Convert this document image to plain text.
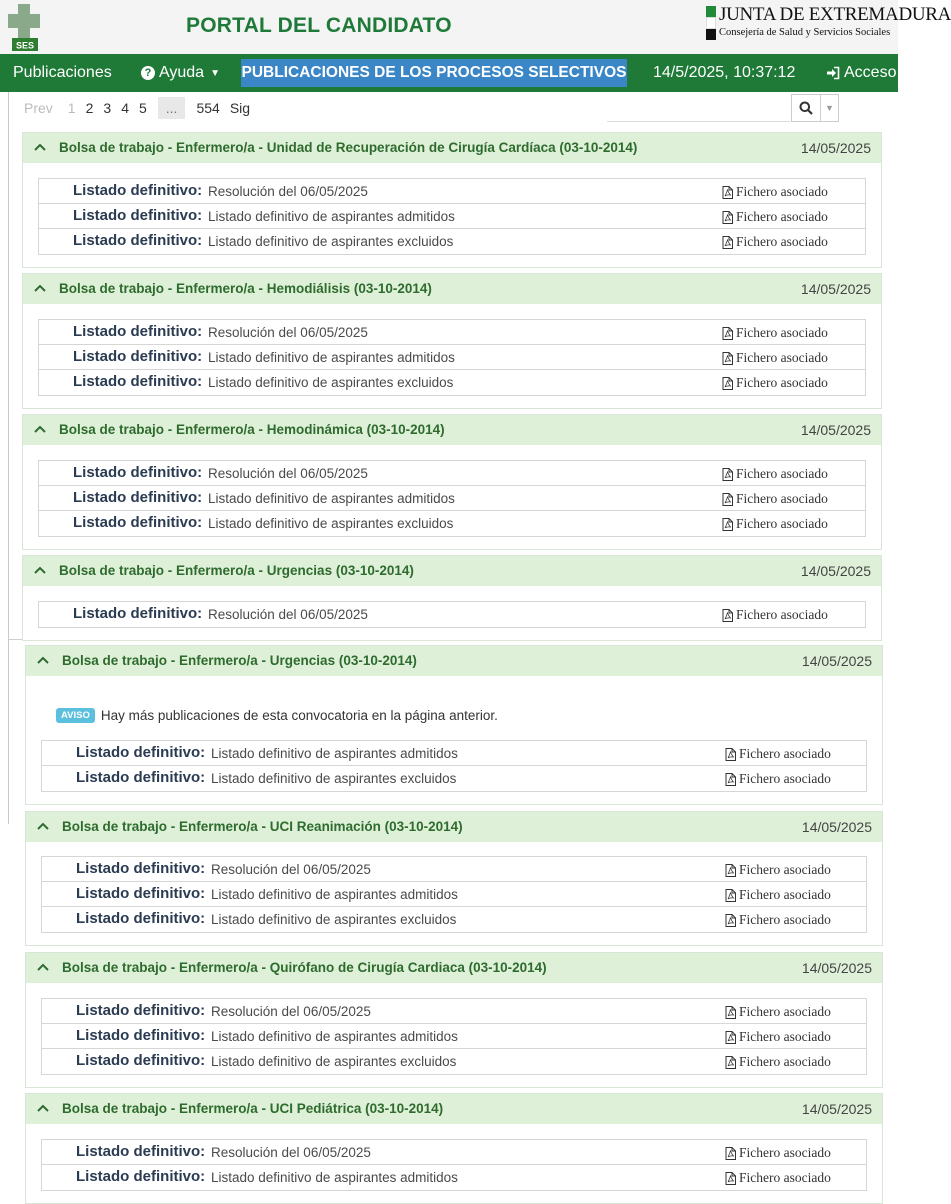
SES
PORTAL DEL CANDIDATO	JUNTA DE EXTREMADURA
Consejería de Salud y Servicios Sociales
Publicaciones	? Ayuda ▼ PUBLICACIONES DE LOS PROCESOS SELECTIVOS 14/5/2025, 10:37:12	Acceso
Prev	1 2 3 4 5	...	554 Sig	▼
Bolsa de trabajo - Enfermero/a - Unidad de Recuperación de Cirugía Cardíaca (03-10-2014)	14/05/2025
Listado definitivo: Resolución del 06/05/2025	Fichero asociado
Listado definitivo: Listado definitivo de aspirantes admitidos	Fichero asociado
Listado definitivo: Listado definitivo de aspirantes excluidos	Fichero asociado
Bolsa de trabajo - Enfermero/a - Hemodiálisis (03-10-2014)	14/05/2025
Listado definitivo: Resolución del 06/05/2025	Fichero asociado
Listado definitivo: Listado definitivo de aspirantes admitidos	Fichero asociado
Listado definitivo: Listado definitivo de aspirantes excluidos	Fichero asociado
Bolsa de trabajo - Enfermero/a - Hemodinámica (03-10-2014)	14/05/2025
Listado definitivo: Resolución del 06/05/2025	Fichero asociado
Listado definitivo: Listado definitivo de aspirantes admitidos	Fichero asociado
Listado definitivo: Listado definitivo de aspirantes excluidos	Fichero asociado
Bolsa de trabajo - Enfermero/a - Urgencias (03-10-2014)	14/05/2025
Listado definitivo: Resolución del 06/05/2025	Fichero asociado
Bolsa de trabajo - Enfermero/a - Urgencias (03-10-2014)	14/05/2025
AVISO Hay más publicaciones de esta convocatoria en la página anterior.
Listado definitivo: Listado definitivo de aspirantes admitidos	Fichero asociado
Listado definitivo: Listado definitivo de aspirantes excluidos	Fichero asociado
Bolsa de trabajo - Enfermero/a - UCI Reanimación (03-10-2014)	14/05/2025
Listado definitivo: Resolución del 06/05/2025	Fichero asociado
Listado definitivo: Listado definitivo de aspirantes admitidos	Fichero asociado
Listado definitivo: Listado definitivo de aspirantes excluidos	Fichero asociado
Bolsa de trabajo - Enfermero/a - Quirófano de Cirugía Cardiaca (03-10-2014)	14/05/2025
Listado definitivo: Resolución del 06/05/2025	Fichero asociado
Listado definitivo: Listado definitivo de aspirantes admitidos	Fichero asociado
Listado definitivo: Listado definitivo de aspirantes excluidos	Fichero asociado
Bolsa de trabajo - Enfermero/a - UCI Pediátrica (03-10-2014)	14/05/2025
Listado definitivo: Resolución del 06/05/2025	Fichero asociado
Listado definitivo: Listado definitivo de aspirantes admitidos	Fichero asociado
